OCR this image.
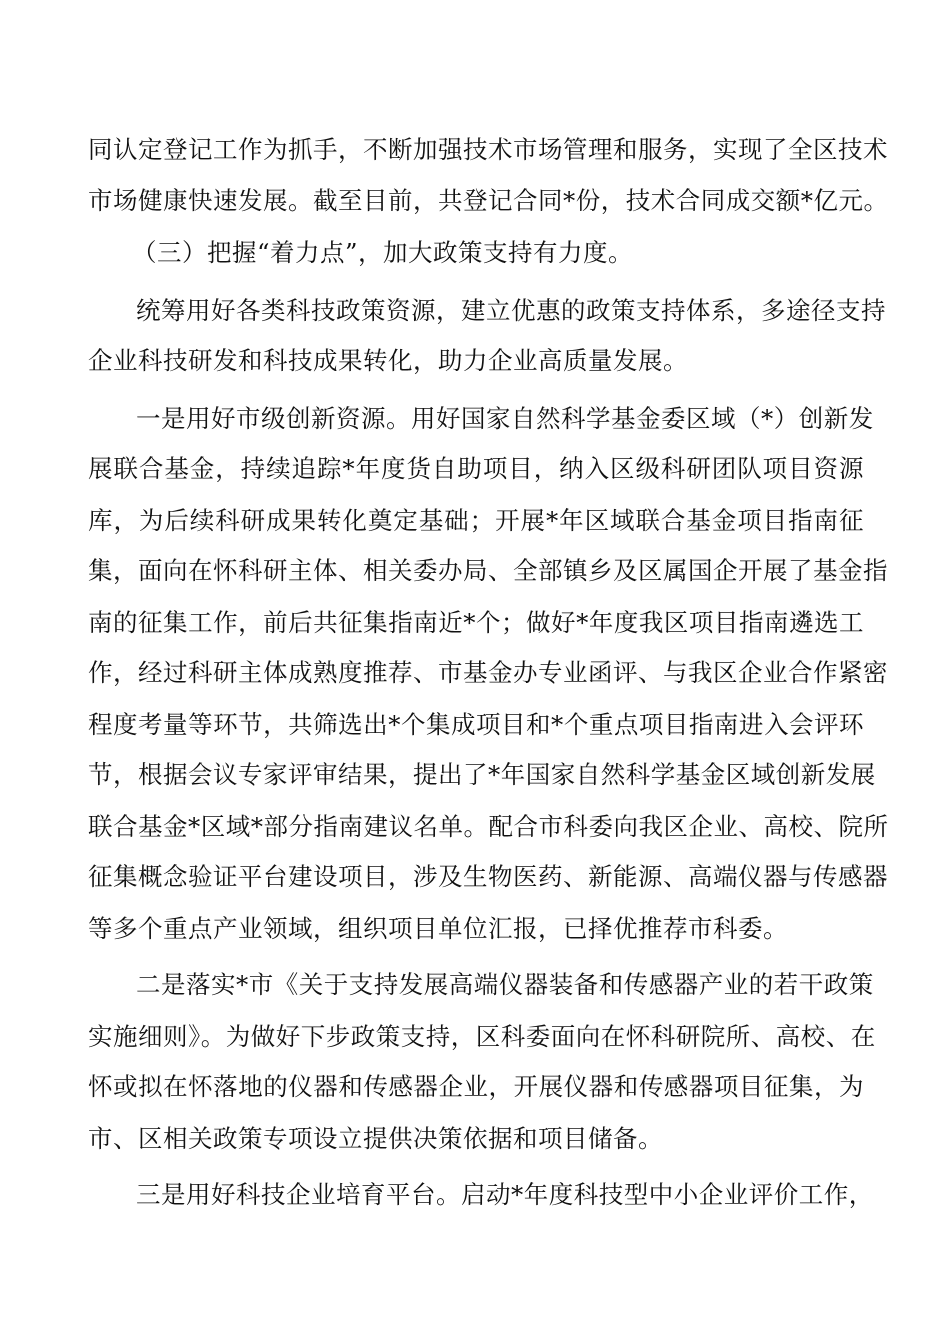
同认定登记工作为抓手，不断加强技术市场管理和服务，实现了全区技术
市场健康快速发展。截至目前，共登记合同*份，技术合同成交额*亿元。
（三）把握“着力点”，加大政策支持有力度。
统筹用好各类科技政策资源，建立优惠的政策支持体系，多途径支持
企业科技研发和科技成果转化，助力企业高质量发展。
一是用好市级创新资源。用好国家自然科学基金委区域（*）创新发
展联合基金，持续追踪*年度货自助项目，纳入区级科研团队项目资源
库，为后续科研成果转化奠定基础；开展*年区域联合基金项目指南征
集，面向在怀科研主体、相关委办局、全部镇乡及区属国企开展了基金指
南的征集工作，前后共征集指南近*个；做好*年度我区项目指南遴选工
作，经过科研主体成熟度推荐、市基金办专业函评、与我区企业合作紧密
程度考量等环节，共筛选出*个集成项目和*个重点项目指南进入会评环
节，根据会议专家评审结果，提出了*年国家自然科学基金区域创新发展
联合基金*区域*部分指南建议名单。配合市科委向我区企业、高校、院所
征集概念验证平台建设项目，涉及生物医药、新能源、高端仪器与传感器
等多个重点产业领域，组织项目单位汇报，已择优推荐市科委。
二是落实*市《关于支持发展高端仪器装备和传感器产业的若干政策
实施细则》。为做好下步政策支持，区科委面向在怀科研院所、高校、在
怀或拟在怀落地的仪器和传感器企业，开展仪器和传感器项目征集，为
市、区相关政策专项设立提供决策依据和项目储备。
三是用好科技企业培育平台。启动*年度科技型中小企业评价工作，
